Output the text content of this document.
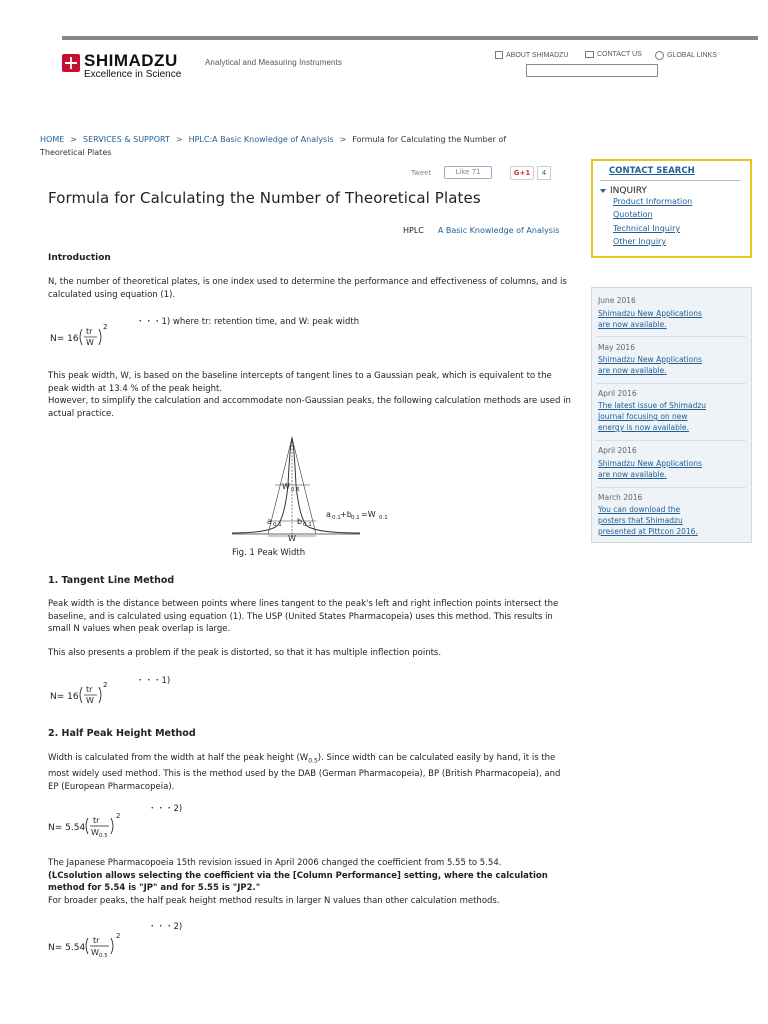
SHIMADZU
Excellence in Science
Analytical and Measuring Instruments
ABOUT SHIMADZU	CONTACT US	GLOBAL LINKS
HOME > SERVICES & SUPPORT > HPLC:A Basic Knowledge of Analysis > Formula for Calculating the Number of Theoretical Plates
Tweet	Like 71	G+1	4
Formula for Calculating the Number of Theoretical Plates
HPLC A Basic Knowledge of Analysis
Introduction
N, the number of theoretical plates, is one index used to determine the performance and effectiveness of columns, and is
calculated using equation (1).
N= 16
tr
W
2	・・・1) where tr: retention time, and W: peak width
This peak width, W, is based on the baseline intercepts of tangent lines to a Gaussian peak, which is equivalent to the
peak width at 13.4 % of the peak height.
However, to simplify the calculation and accommodate non-Gaussian peaks, the following calculation methods are used in
actual practice.
W 0.5
a 0.1 b 0.1
a 0.1 +b 0.1 =W 0.1
W
Fig. 1 Peak Width
1. Tangent Line Method
Peak width is the distance between points where lines tangent to the peak's left and right inflection points intersect the
baseline, and is calculated using equation (1). The USP (United States Pharmacopeia) uses this method. This results in
small N values when peak overlap is large.
This also presents a problem if the peak is distorted, so that it has multiple inflection points.
N= 16
tr
W
2	・・・1)
2. Half Peak Height Method
Width is calculated from the width at half the peak height $(W_{0.5})$. Since width can be calculated easily by hand, it is the
most widely used method. This is the method used by the DAB (German Pharmacopeia), BP (British Pharmacopeia), and
EP (European Pharmacopeia).
N= 5.54
tr
W 0.5
2
・・・2)
The Japanese Pharmacopoeia 15th revision issued in April 2006 changed the coefficient from 5.55 to 5.54.
(LCsolution allows selecting the coefficient via the [Column Performance] setting, where the calculation
method for 5.54 is "JP" and for 5.55 is "JP2."
For broader peaks, the half peak height method results in larger N values than other calculation methods.
N= 5.54
tr
W 0.5
2
・・・2)
CONTACT SEARCH
INQUIRY
Product Information
Quotation
Technical Inquiry
Other Inquiry
June 2016
Shimadzu New Applications
are now available.
May 2016
Shimadzu New Applications
are now available.
April 2016
The latest issue of Shimadzu
Journal focusing on new
energy is now available.
April 2016
Shimadzu New Applications
are now available.
March 2016
You can download the
posters that Shimadzu
presented at Pittcon 2016.
